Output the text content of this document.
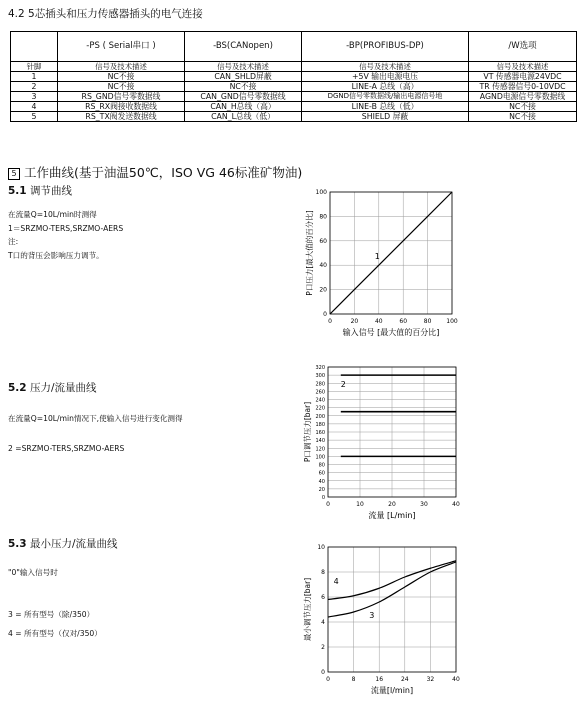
4.2 5芯插头和压力传感器插头的电气连接
	-PS ( Serial串口 )	-BS(CANopen)	-BP(PROFIBUS-DP)	/W选项
针脚	信号及技术描述	信号及技术描述	信号及技术描述	信号及技术描述
1	NC不接	CAN_SHLD屏蔽	+5V 输出电源电压	VT 传感器电源24VDC
2	NC不接	NC不接	LINE-A 总线（高）	TR 传感器信号0-10VDC
3	RS_GND信号零数据线	CAN_GND信号零数据线	DGND信号零数据线/输出电源信号地	AGND电源信号零数据线
4	RS_RX阀接收数据线	CAN_H总线（高）	LINE-B 总线（低）	NC不接
5	RS_TX阀发送数据线	CAN_L总线（低）	SHIELD 屏蔽	NC不接
5 工作曲线(基于油温50℃，ISO VG 46标准矿物油)
5.1 调节曲线
在流量Q=10L/min时测得
1＝SRZMO-TERS,SRZMO-AERS
注:
T口的背压会影响压力调节。
5.2 压力/流量曲线
在流量Q=10L/min情况下,使输入信号进行变化测得
2 =SRZMO-TERS,SRZMO-AERS
5.3 最小压力/流量曲线
"0"输入信号时
3 = 所有型号（除/350）
4 = 所有型号（仅对/350）
0	20	40	60	80 100
0
20
40
60
80
100
输入信号 [最大值的百分比]
P口压力[最大值的百分比]	1
0	10	20	30	40
0
20
40
60
80
100
120
140
160
180
200
220
240
260
280
300
320
流量 [L/min]
P口调节压力[bar]
2
0	8	16	24	32	40
0
2
4
6
8
10
流量[l/min]
最小调节压力[bar]	3
4
